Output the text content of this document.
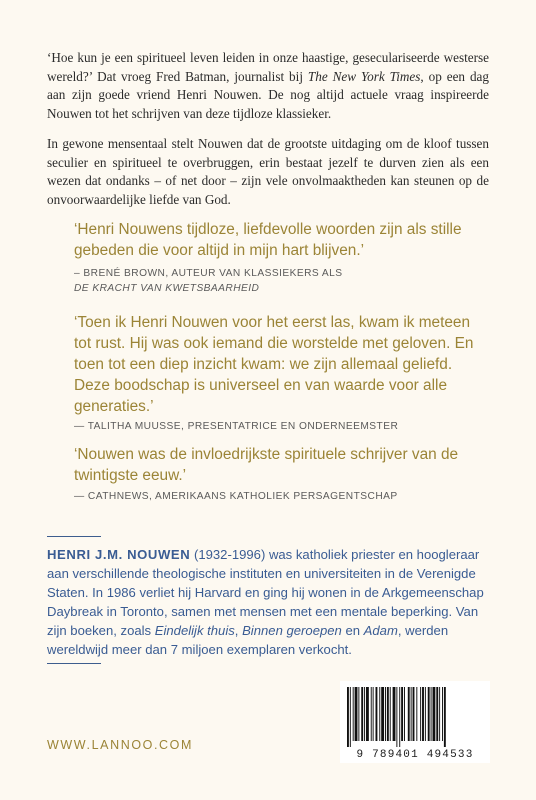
‘Hoe kun je een spiritueel leven leiden in onze haastige, geseculariseerde westerse wereld?’ Dat vroeg Fred Batman, journalist bij The New York Times, op een dag aan zijn goede vriend Henri Nouwen. De nog altijd actuele vraag inspireerde Nouwen tot het schrijven van deze tijdloze klassieker.

In gewone mensentaal stelt Nouwen dat de grootste uitdaging om de kloof tussen seculier en spiritueel te overbruggen, erin bestaat jezelf te durven zien als een wezen dat ondanks – of net door – zijn vele onvolmaaktheden kan steunen op de onvoorwaardelijke liefde van God.

‘Henri Nouwens tijdloze, liefdevolle woorden zijn als stille gebeden die voor altijd in mijn hart blijven.’
– BRENÉ BROWN, AUTEUR VAN KLASSIEKERS ALS
DE KRACHT VAN KWETSBAARHEID
‘Toen ik Henri Nouwen voor het eerst las, kwam ik meteen tot rust. Hij was ook iemand die worstelde met geloven. En toen tot een diep inzicht kwam: we zijn allemaal geliefd. Deze boodschap is universeel en van waarde voor alle generaties.’
— TALITHA MUUSSE, PRESENTATRICE EN ONDERNEEMSTER
‘Nouwen was de invloedrijkste spirituele schrijver van de twintigste eeuw.’
— CATHNEWS, AMERIKAANS KATHOLIEK PERSAGENTSCHAP
HENRI J.M. NOUWEN (1932-1996) was katholiek priester en hoogleraar aan verschillende theologische instituten en universiteiten in de Verenigde Staten. In 1986 verliet hij Harvard en ging hij wonen in de Arkgemeenschap Daybreak in Toronto, samen met mensen met een mentale beperking. Van zijn boeken, zoals Eindelijk thuis, Binnen geroepen en Adam, werden wereldwijd meer dan 7 miljoen exemplaren verkocht.
WWW.LANNOO.COM
9 789401 494533
